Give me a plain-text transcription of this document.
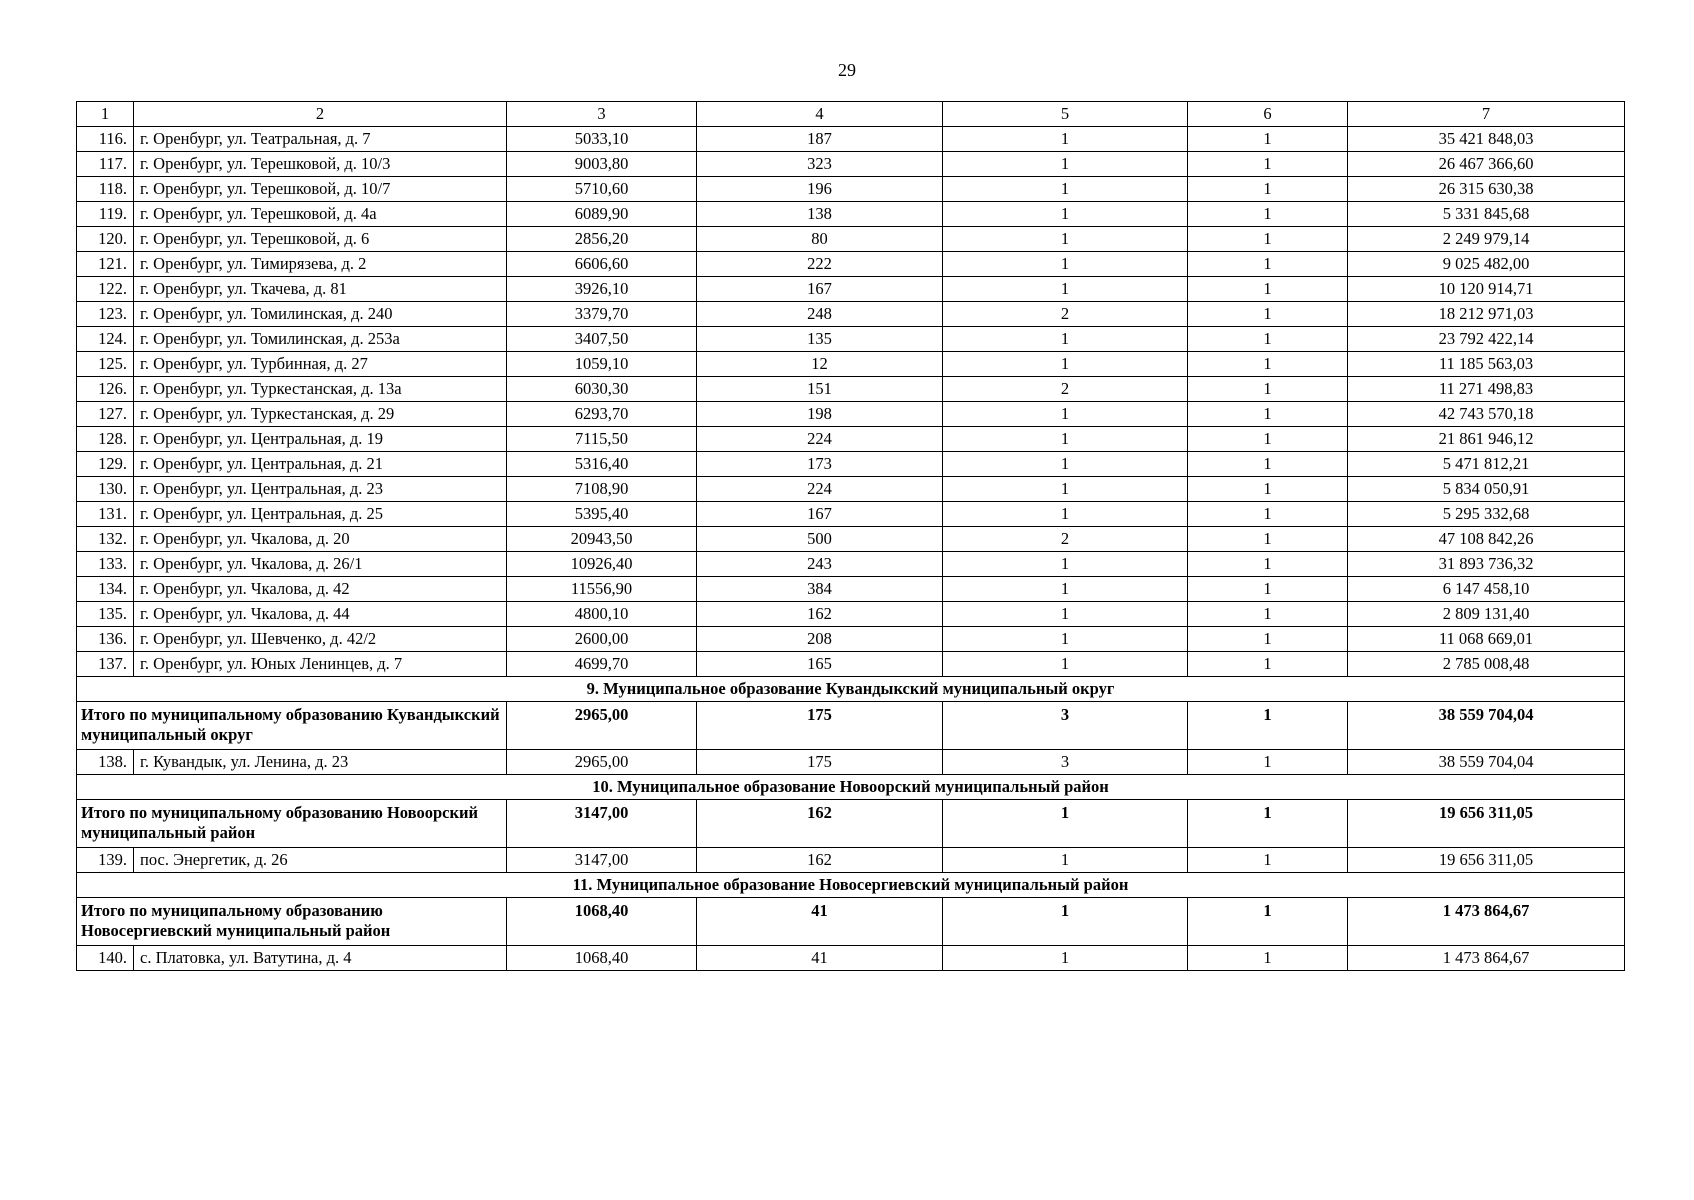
29
1	2	3	4	5	6	7
116.	г. Оренбург, ул. Театральная, д. 7	5033,10	187	1	1	35 421 848,03
117.	г. Оренбург, ул. Терешковой, д. 10/3	9003,80	323	1	1	26 467 366,60
118.	г. Оренбург, ул. Терешковой, д. 10/7	5710,60	196	1	1	26 315 630,38
119.	г. Оренбург, ул. Терешковой, д. 4а	6089,90	138	1	1	5 331 845,68
120.	г. Оренбург, ул. Терешковой, д. 6	2856,20	80	1	1	2 249 979,14
121.	г. Оренбург, ул. Тимирязева, д. 2	6606,60	222	1	1	9 025 482,00
122.	г. Оренбург, ул. Ткачева, д. 81	3926,10	167	1	1	10 120 914,71
123.	г. Оренбург, ул. Томилинская, д. 240	3379,70	248	2	1	18 212 971,03
124.	г. Оренбург, ул. Томилинская, д. 253а	3407,50	135	1	1	23 792 422,14
125.	г. Оренбург, ул. Турбинная, д. 27	1059,10	12	1	1	11 185 563,03
126.	г. Оренбург, ул. Туркестанская, д. 13а	6030,30	151	2	1	11 271 498,83
127.	г. Оренбург, ул. Туркестанская, д. 29	6293,70	198	1	1	42 743 570,18
128.	г. Оренбург, ул. Центральная, д. 19	7115,50	224	1	1	21 861 946,12
129.	г. Оренбург, ул. Центральная, д. 21	5316,40	173	1	1	5 471 812,21
130.	г. Оренбург, ул. Центральная, д. 23	7108,90	224	1	1	5 834 050,91
131.	г. Оренбург, ул. Центральная, д. 25	5395,40	167	1	1	5 295 332,68
132.	г. Оренбург, ул. Чкалова, д. 20	20943,50	500	2	1	47 108 842,26
133.	г. Оренбург, ул. Чкалова, д. 26/1	10926,40	243	1	1	31 893 736,32
134.	г. Оренбург, ул. Чкалова, д. 42	11556,90	384	1	1	6 147 458,10
135.	г. Оренбург, ул. Чкалова, д. 44	4800,10	162	1	1	2 809 131,40
136.	г. Оренбург, ул. Шевченко, д. 42/2	2600,00	208	1	1	11 068 669,01
137.	г. Оренбург, ул. Юных Ленинцев, д. 7	4699,70	165	1	1	2 785 008,48
9. Муниципальное образование Кувандыкский муниципальный округ						
Итого по муниципальному образованию Кувандыкский муниципальный округ		2965,00	175	3	1	38 559 704,04
138.	г. Кувандык, ул. Ленина, д. 23	2965,00	175	3	1	38 559 704,04
10. Муниципальное образование Новоорский муниципальный район						
Итого по муниципальному образованию Новоорский муниципальный район		3147,00	162	1	1	19 656 311,05
139.	пос. Энергетик, д. 26	3147,00	162	1	1	19 656 311,05
11. Муниципальное образование Новосергиевский муниципальный район						
Итого по муниципальному образованию Новосергиевский муниципальный район		1068,40	41	1	1	1 473 864,67
140.	с. Платовка, ул. Ватутина, д. 4	1068,40	41	1	1	1 473 864,67
